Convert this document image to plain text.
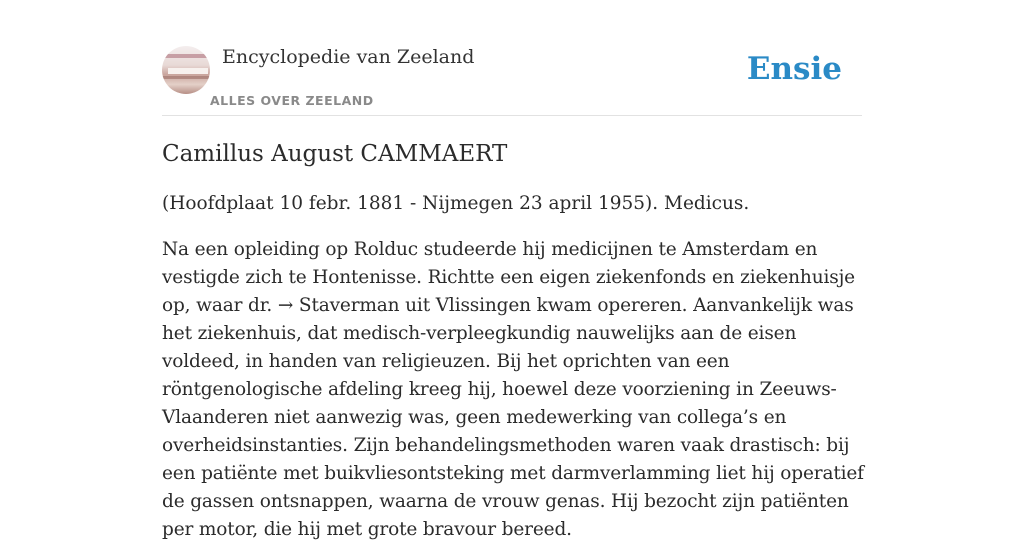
Encyclopedie van Zeeland
ALLES OVER ZEELAND
Ensie
Camillus August CAMMAERT

(Hoofdplaat 10 febr. 1881 - Nijmegen 23 april 1955). Medicus.

Na een opleiding op Rolduc studeerde hij medicijnen te Amsterdam en vestigde zich te Hontenisse. Richtte een eigen ziekenfonds en ziekenhuisje op, waar dr. → Staverman uit Vlissingen kwam opereren. Aanvankelijk was het ziekenhuis, dat medisch-verpleegkundig nauwelijks aan de eisen voldeed, in handen van religieuzen. Bij het oprichten van een röntgenologische afdeling kreeg hij, hoewel deze voorziening in Zeeuws-Vlaanderen niet aanwezig was, geen medewerking van collega’s en overheidsinstanties. Zijn behandelingsmethoden waren vaak drastisch: bij een patiënte met buikvliesontsteking met darmverlamming liet hij operatief de gassen ontsnappen, waarna de vrouw genas. Hij bezocht zijn patiënten per motor, die hij met grote bravour bereed.
